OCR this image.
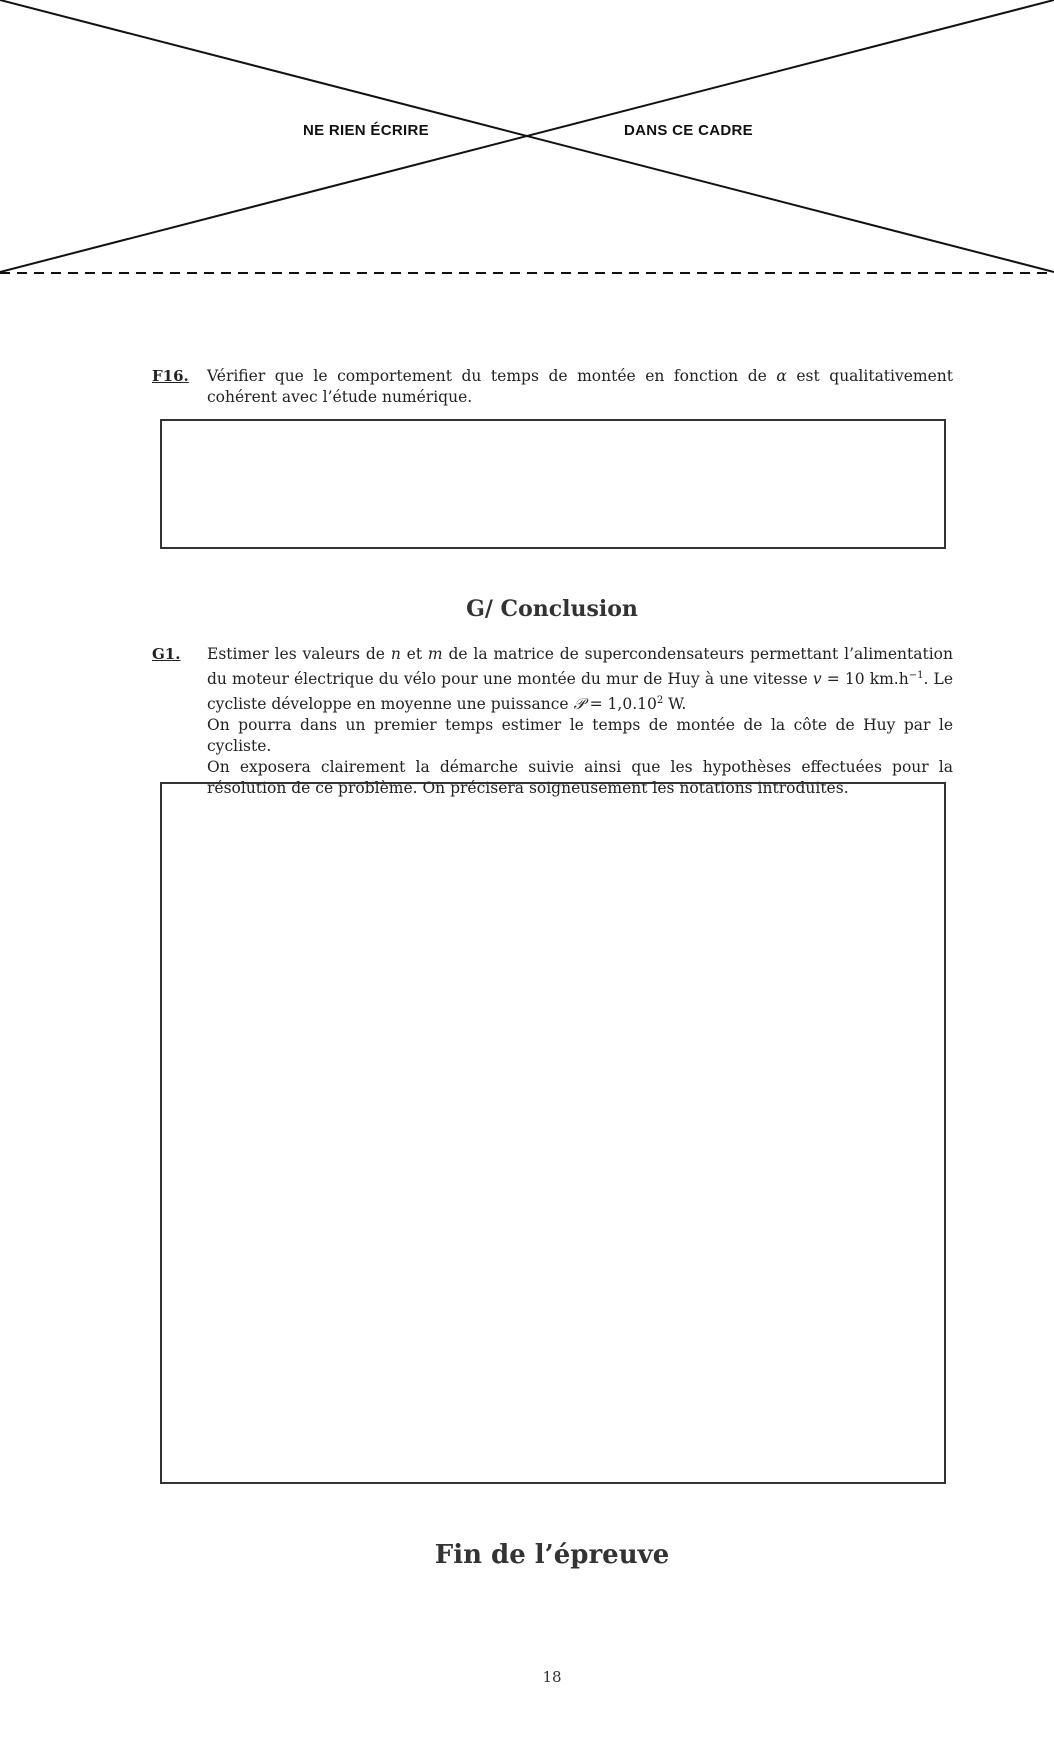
NE RIEN ÉCRIRE	DANS CE CADRE
F16. Vérifier que le comportement du temps de montée en fonction de α est qualitativement cohérent avec l’étude numérique.

G/ Conclusion
G1. Estimer les valeurs de n et m de la matrice de supercondensateurs permettant l’alimentation du moteur électrique du vélo pour une montée du mur de Huy à une vitesse v = 10 $km.h^{-1}$. Le cycliste développe en moyenne une puissance 𝒫 = $1,0.10^2$ W.

On pourra dans un premier temps estimer le temps de montée de la côte de Huy par le cycliste.

On exposera clairement la démarche suivie ainsi que les hypothèses effectuées pour la résolution de ce problème. On précisera soigneusement les notations introduites.

Fin de l’épreuve
18
